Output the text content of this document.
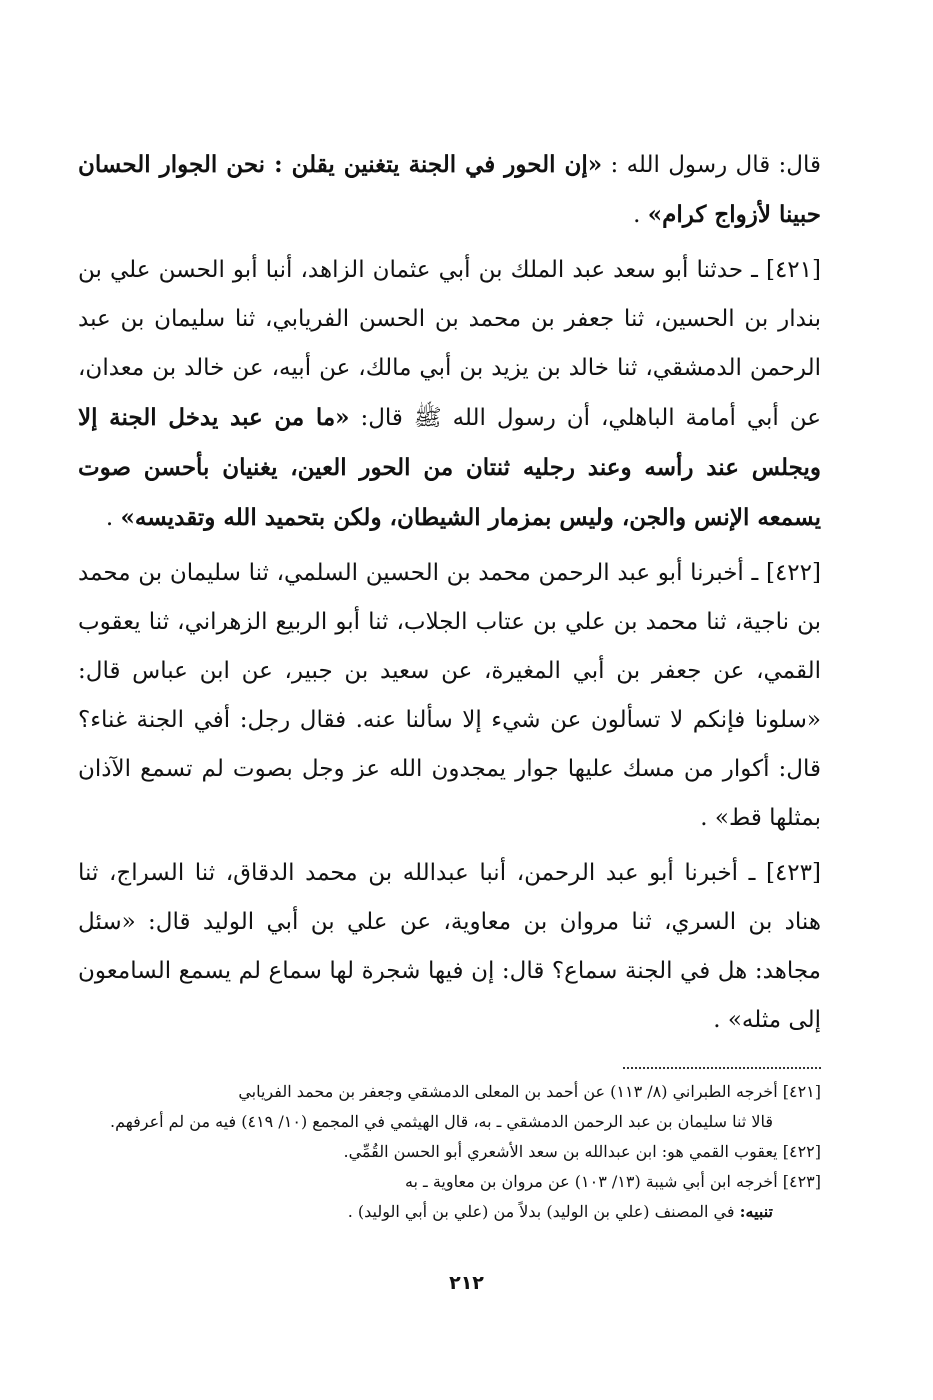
قال: قال رسول الله : «إن الحور في الجنة يتغنين يقلن : نحن الجوار الحسان حبينا لأزواج كرام» .

[٤٢١] ـ حدثنا أبو سعد عبد الملك بن أبي عثمان الزاهد، أنبا أبو الحسن علي بن بندار بن الحسين، ثنا جعفر بن محمد بن الحسن الفريابي، ثنا سليمان بن عبد الرحمن الدمشقي، ثنا خالد بن يزيد بن أبي مالك، عن أبيه، عن خالد بن معدان، عن أبي أمامة الباهلي، أن رسول الله ﷺ قال: «ما من عبد يدخل الجنة إلا ويجلس عند رأسه وعند رجليه ثنتان من الحور العين، يغنيان بأحسن صوت يسمعه الإنس والجن، وليس بمزمار الشيطان، ولكن بتحميد الله وتقديسه» .

[٤٢٢] ـ أخبرنا أبو عبد الرحمن محمد بن الحسين السلمي، ثنا سليمان بن محمد بن ناجية، ثنا محمد بن علي بن عتاب الجلاب، ثنا أبو الربيع الزهراني، ثنا يعقوب القمي، عن جعفر بن أبي المغيرة، عن سعيد بن جبير، عن ابن عباس قال: «سلونا فإنكم لا تسألون عن شيء إلا سألنا عنه. فقال رجل: أفي الجنة غناء؟ قال: أكوار من مسك عليها جوار يمجدون الله عز وجل بصوت لم تسمع الآذان بمثلها قط» .

[٤٢٣] ـ أخبرنا أبو عبد الرحمن، أنبا عبدالله بن محمد الدقاق، ثنا السراج، ثنا هناد بن السري، ثنا مروان بن معاوية، عن علي بن أبي الوليد قال: «سئل مجاهد: هل في الجنة سماع؟ قال: إن فيها شجرة لها سماع لم يسمع السامعون إلى مثله» .

[٤٢١] أخرجه الطبراني (٨/ ١١٣) عن أحمد بن المعلى الدمشقي وجعفر بن محمد الفريابي
قالا ثنا سليمان بن عبد الرحمن الدمشقي ـ به، قال الهيثمي في المجمع (١٠/ ٤١٩) فيه من لم أعرفهم.

[٤٢٢] يعقوب القمي هو: ابن عبدالله بن سعد الأشعري أبو الحسن القُمِّي.

[٤٢٣] أخرجه ابن أبي شيبة (١٣/ ١٠٣) عن مروان بن معاوية ـ به
تنبيه: في المصنف (علي بن الوليد) بدلاً من (علي بن أبي الوليد) .

٢١٢
